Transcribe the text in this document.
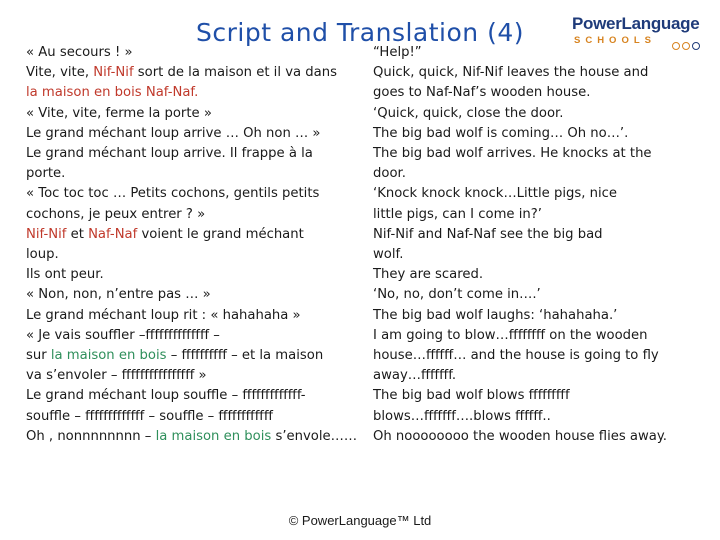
Script and Translation (4)	PowerLanguage
SCHOOLS
« Au secours ! »
Vite, vite, Nif-Nif sort de la maison et il va dans
la maison en bois Naf-Naf.
« Vite, vite, ferme la porte »
Le grand méchant loup arrive … Oh non … »
Le grand méchant loup arrive. Il frappe à la
porte.
« Toc toc toc … Petits cochons, gentils petits
cochons, je peux entrer ? »
Nif-Nif et Naf-Naf voient le grand méchant
loup.
Ils ont peur.
« Non, non, n’entre pas … »
Le grand méchant loup rit : « hahahaha »
« Je vais souffler –ffffffffffffff –
sur la maison en bois – ffffffffff – et la maison
va s’envoler – ffffffffffffffff »
Le grand méchant loup souffle – fffffffffffff-
souffle – fffffffffffff – souffle – ffffffffffff
Oh , nonnnnnnnn – la maison en bois s’envole……
“Help!”
Quick, quick, Nif-Nif leaves the house and
goes to Naf-Naf’s wooden house.
‘Quick, quick, close the door.
The big bad wolf is coming… Oh no…’.
The big bad wolf arrives. He knocks at the
door.
‘Knock knock knock…Little pigs, nice
little pigs, can I come in?’
Nif-Nif and Naf-Naf see the big bad
wolf.
They are scared.
‘No, no, don’t come in….’
The big bad wolf laughs: ‘hahahaha.’
I am going to blow…ffffffff on the wooden
house…ffffff… and the house is going to fly
away…fffffff.
The big bad wolf blows fffffffff
blows…fffffff….blows ffffff..
Oh noooooooo the wooden house flies away.
© PowerLanguage™ Ltd
